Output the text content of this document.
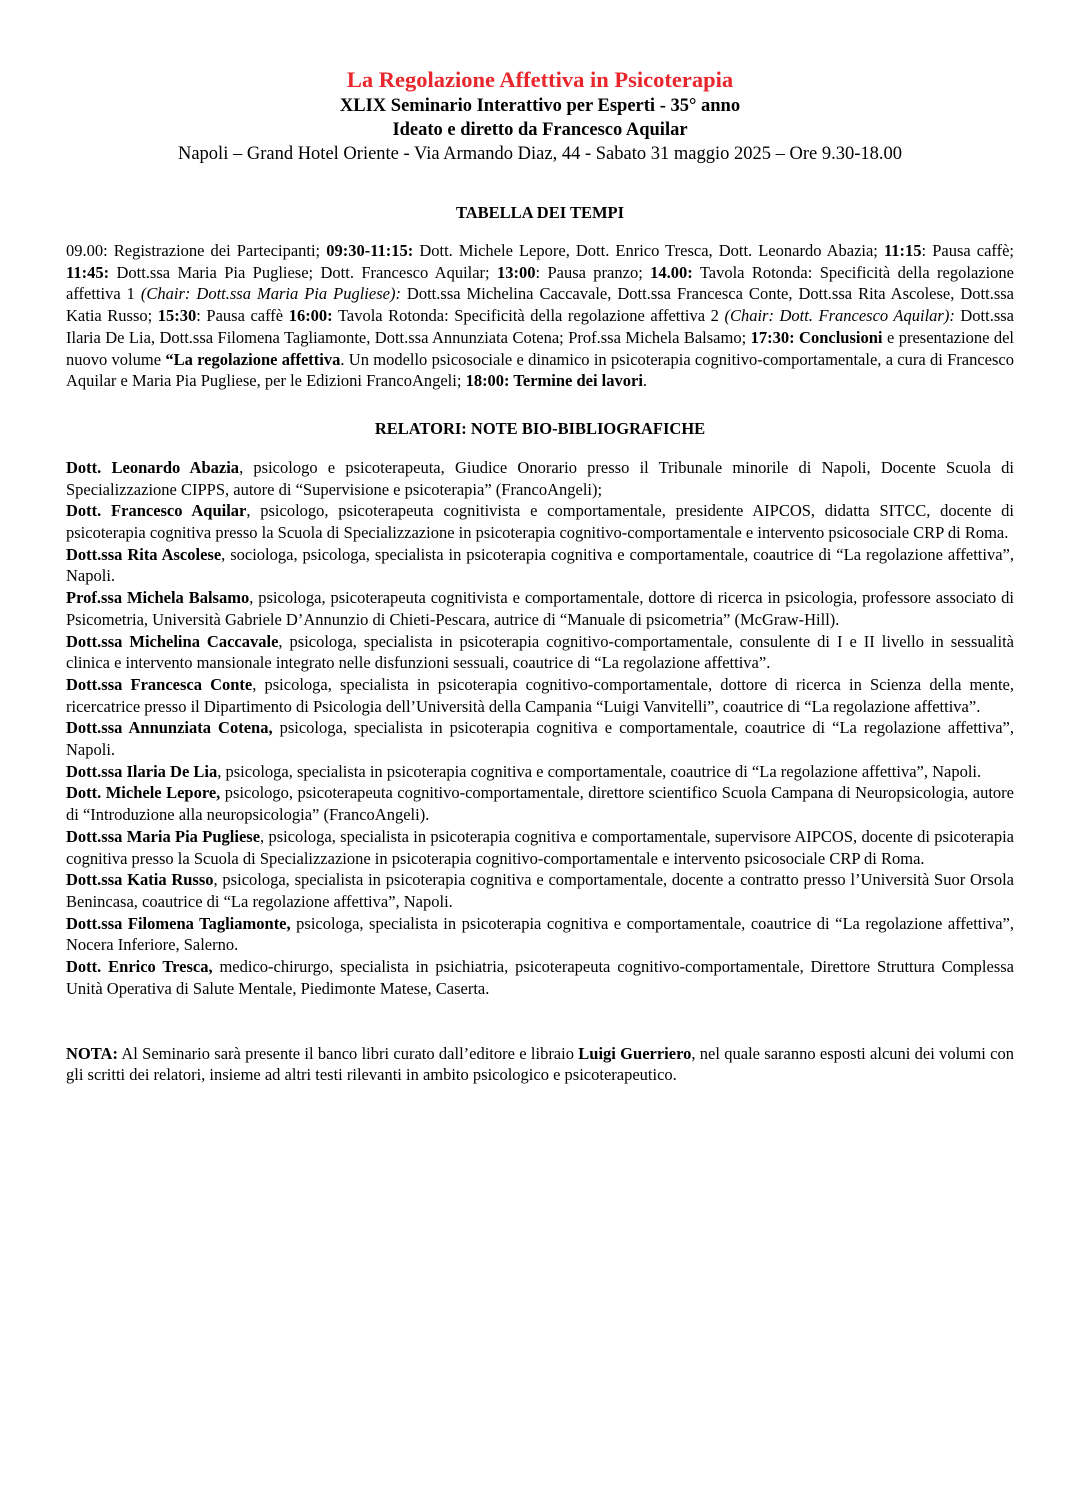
La Regolazione Affettiva in Psicoterapia

XLIX Seminario Interattivo per Esperti - 35° anno

Ideato e diretto da Francesco Aquilar

Napoli – Grand Hotel Oriente - Via Armando Diaz, 44 - Sabato 31 maggio 2025 – Ore 9.30-18.00

TABELLA DEI TEMPI

09.00: Registrazione dei Partecipanti; 09:30-11:15: Dott. Michele Lepore, Dott. Enrico Tresca, Dott. Leonardo Abazia; 11:15: Pausa caffè; 11:45: Dott.ssa Maria Pia Pugliese; Dott. Francesco Aquilar; 13:00: Pausa pranzo; 14.00: Tavola Rotonda: Specificità della regolazione affettiva 1 (Chair: Dott.ssa Maria Pia Pugliese): Dott.ssa Michelina Caccavale, Dott.ssa Francesca Conte, Dott.ssa Rita Ascolese, Dott.ssa Katia Russo; 15:30: Pausa caffè 16:00: Tavola Rotonda: Specificità della regolazione affettiva 2 (Chair: Dott. Francesco Aquilar): Dott.ssa Ilaria De Lia, Dott.ssa Filomena Tagliamonte, Dott.ssa Annunziata Cotena; Prof.ssa Michela Balsamo; 17:30: Conclusioni e presentazione del nuovo volume “La regolazione affettiva. Un modello psicosociale e dinamico in psicoterapia cognitivo-comportamentale, a cura di Francesco Aquilar e Maria Pia Pugliese, per le Edizioni FrancoAngeli; 18:00: Termine dei lavori.

RELATORI: NOTE BIO-BIBLIOGRAFICHE

Dott. Leonardo Abazia, psicologo e psicoterapeuta, Giudice Onorario presso il Tribunale minorile di Napoli, Docente Scuola di Specializzazione CIPPS, autore di “Supervisione e psicoterapia” (FrancoAngeli);

Dott. Francesco Aquilar, psicologo, psicoterapeuta cognitivista e comportamentale, presidente AIPCOS, didatta SITCC, docente di psicoterapia cognitiva presso la Scuola di Specializzazione in psicoterapia cognitivo-comportamentale e intervento psicosociale CRP di Roma.

Dott.ssa Rita Ascolese, sociologa, psicologa, specialista in psicoterapia cognitiva e comportamentale, coautrice di “La regolazione affettiva”, Napoli.

Prof.ssa Michela Balsamo, psicologa, psicoterapeuta cognitivista e comportamentale, dottore di ricerca in psicologia, professore associato di Psicometria, Università Gabriele D’Annunzio di Chieti-Pescara, autrice di “Manuale di psicometria” (McGraw-Hill).

Dott.ssa Michelina Caccavale, psicologa, specialista in psicoterapia cognitivo-comportamentale, consulente di I e II livello in sessualità clinica e intervento mansionale integrato nelle disfunzioni sessuali, coautrice di “La regolazione affettiva”.

Dott.ssa Francesca Conte, psicologa, specialista in psicoterapia cognitivo-comportamentale, dottore di ricerca in Scienza della mente, ricercatrice presso il Dipartimento di Psicologia dell’Università della Campania “Luigi Vanvitelli”, coautrice di “La regolazione affettiva”.

Dott.ssa Annunziata Cotena, psicologa, specialista in psicoterapia cognitiva e comportamentale, coautrice di “La regolazione affettiva”, Napoli.

Dott.ssa Ilaria De Lia, psicologa, specialista in psicoterapia cognitiva e comportamentale, coautrice di “La regolazione affettiva”, Napoli.

Dott. Michele Lepore, psicologo, psicoterapeuta cognitivo-comportamentale, direttore scientifico Scuola Campana di Neuropsicologia, autore di “Introduzione alla neuropsicologia” (FrancoAngeli).

Dott.ssa Maria Pia Pugliese, psicologa, specialista in psicoterapia cognitiva e comportamentale, supervisore AIPCOS, docente di psicoterapia cognitiva presso la Scuola di Specializzazione in psicoterapia cognitivo-comportamentale e intervento psicosociale CRP di Roma.

Dott.ssa Katia Russo, psicologa, specialista in psicoterapia cognitiva e comportamentale, docente a contratto presso l’Università Suor Orsola Benincasa, coautrice di “La regolazione affettiva”, Napoli.

Dott.ssa Filomena Tagliamonte, psicologa, specialista in psicoterapia cognitiva e comportamentale, coautrice di “La regolazione affettiva”, Nocera Inferiore, Salerno.

Dott. Enrico Tresca, medico-chirurgo, specialista in psichiatria, psicoterapeuta cognitivo-comportamentale, Direttore Struttura Complessa Unità Operativa di Salute Mentale, Piedimonte Matese, Caserta.

NOTA: Al Seminario sarà presente il banco libri curato dall’editore e libraio Luigi Guerriero, nel quale saranno esposti alcuni dei volumi con gli scritti dei relatori, insieme ad altri testi rilevanti in ambito psicologico e psicoterapeutico.
